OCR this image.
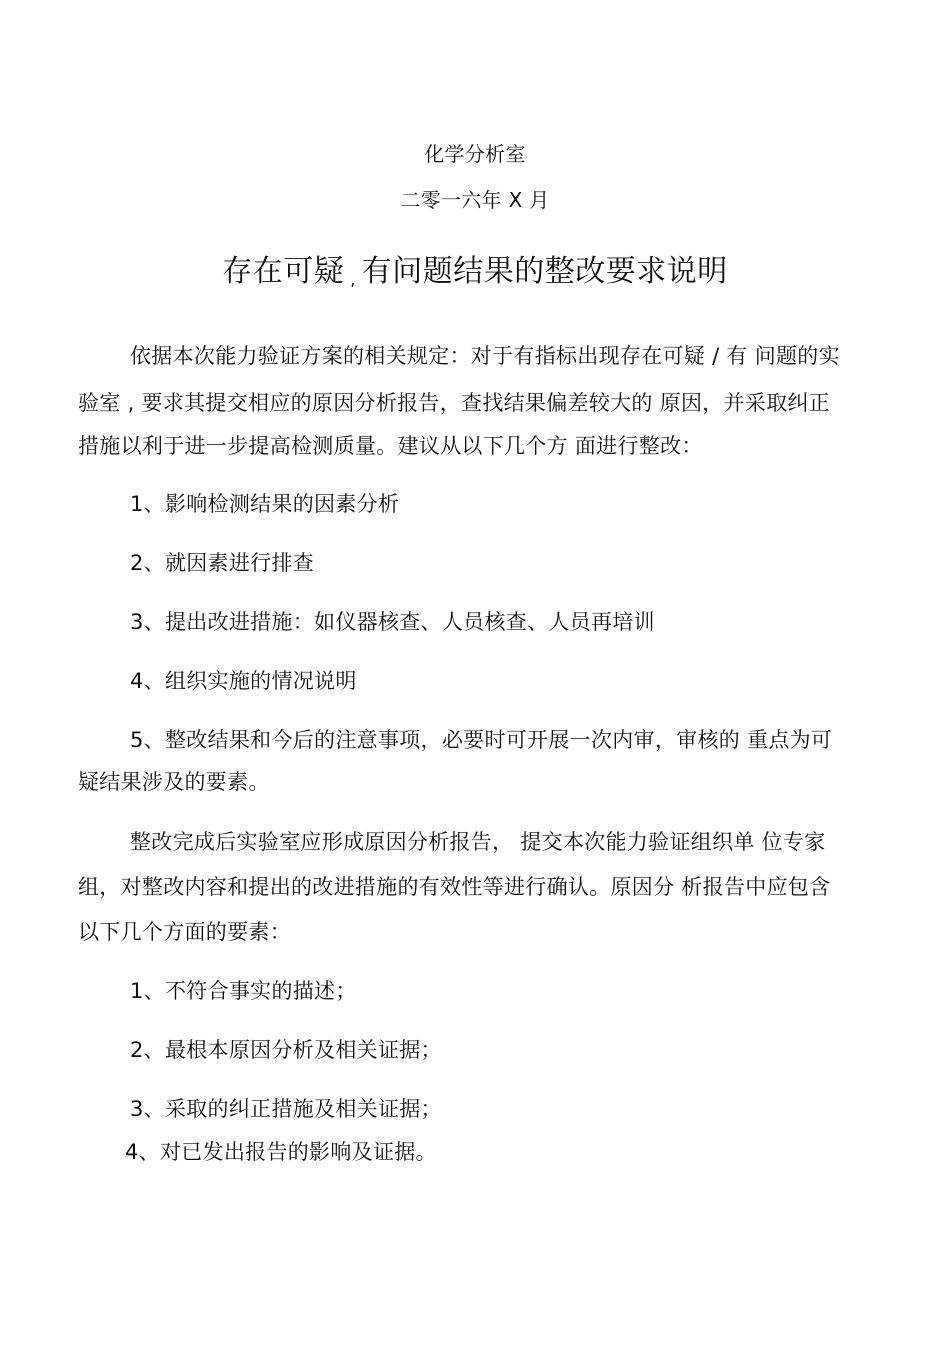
化学分析室
二零一六年 X 月
存在可疑 , 有问题结果的整改要求说明
依据本次能力验证方案的相关规定：对于有指标出现存在可疑 / 有 问题的实
验室 , 要求其提交相应的原因分析报告，查找结果偏差较大的 原因，并采取纠正
措施以利于进一步提高检测质量。建议从以下几个方 面进行整改：
1、影响检测结果的因素分析
2、就因素进行排查
3、提出改进措施：如仪器核查、人员核查、人员再培训
4、组织实施的情况说明
5、整改结果和今后的注意事项，必要时可开展一次内审，审核的 重点为可
疑结果涉及的要素。
整改完成后实验室应形成原因分析报告， 提交本次能力验证组织单 位专家
组，对整改内容和提出的改进措施的有效性等进行确认。原因分 析报告中应包含
以下几个方面的要素：
1、不符合事实的描述；
2、最根本原因分析及相关证据；
3、采取的纠正措施及相关证据；
4、对已发出报告的影响及证据。
